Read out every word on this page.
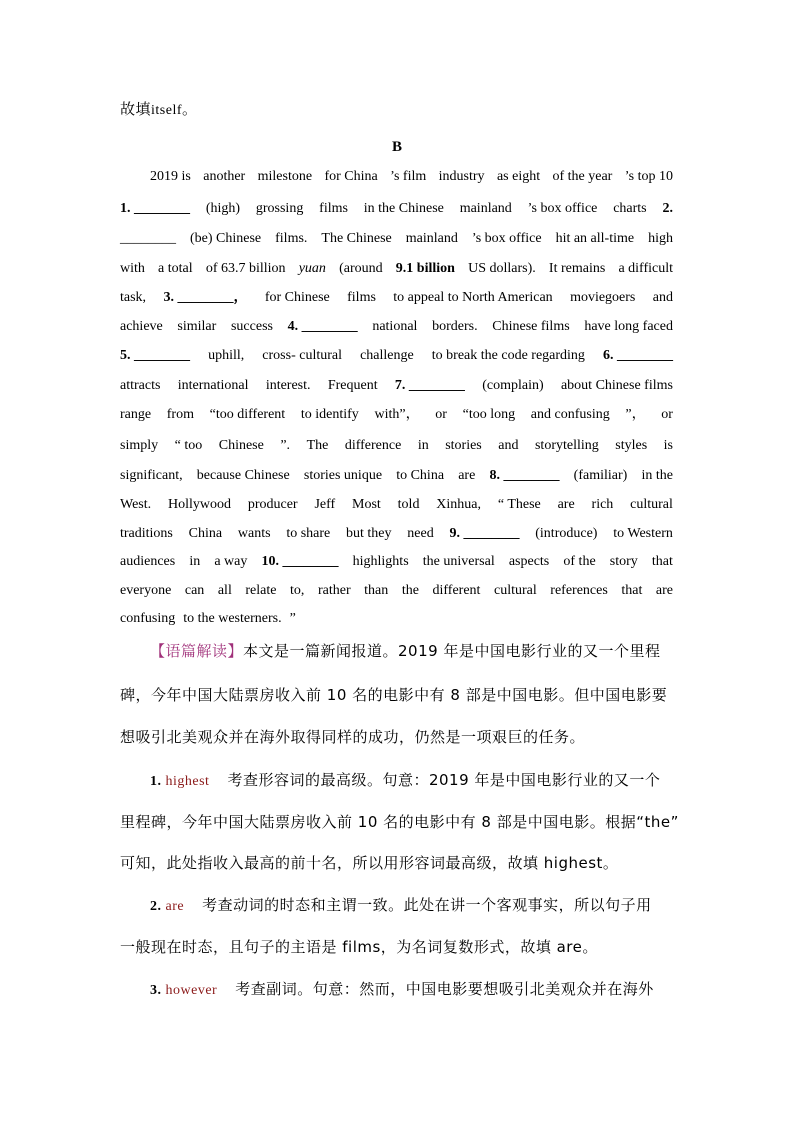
故填 itself 。
B
2019 is another milestone for China ’s film industry as eight of the year ’s top 10
1. ________ (high) grossing films in the Chinese mainland ’s box office charts 2.
________ (be) Chinese films. The Chinese mainland ’s box office hit an all-time high
with a total of 63.7 billion yuan (around 9.1 billion US dollars). It remains a difficult
task, 3. ________， for Chinese films to appeal to North American moviegoers and
achieve similar success 4. ________ national borders. Chinese films have long faced
5. ________ uphill, cross- cultural challenge to break the code regarding 6. ________
attracts international interest. Frequent 7. ________ (complain) about Chinese films
range from “too different to identify with”， or “too long and confusing ”， or
simply “ too Chinese ”. The difference in stories and storytelling styles is
significant, because Chinese stories unique to China are 8. ________ (familiar) in the
West. Hollywood producer Jeff Most told Xinhua, “ These are rich cultural
traditions China wants to share but they need 9. ________ (introduce) to Western
audiences in a way 10. ________ highlights the universal aspects of the story that
everyone can all relate to, rather than the different cultural references that are
confusing to the westerners. ”
【语篇解读】 本文是一篇新闻报道。2019 年是中国电影行业的又一个里程
碑，今年中国大陆票房收入前 10 名的电影中有 8 部是中国电影。但中国电影要
想吸引北美观众并在海外取得同样的成功，仍然是一项艰巨的任务。
1. highest 考查形容词的最高级。句意：2019 年是中国电影行业的又一个
里程碑，今年中国大陆票房收入前 10 名的电影中有 8 部是中国电影。根据“the”
可知，此处指收入最高的前十名，所以用形容词最高级，故填 highest。
2. are 考查动词的时态和主谓一致。此处在讲一个客观事实，所以句子用
一般现在时态，且句子的主语是 films，为名词复数形式，故填 are。
3. however 考查副词。句意：然而，中国电影要想吸引北美观众并在海外
